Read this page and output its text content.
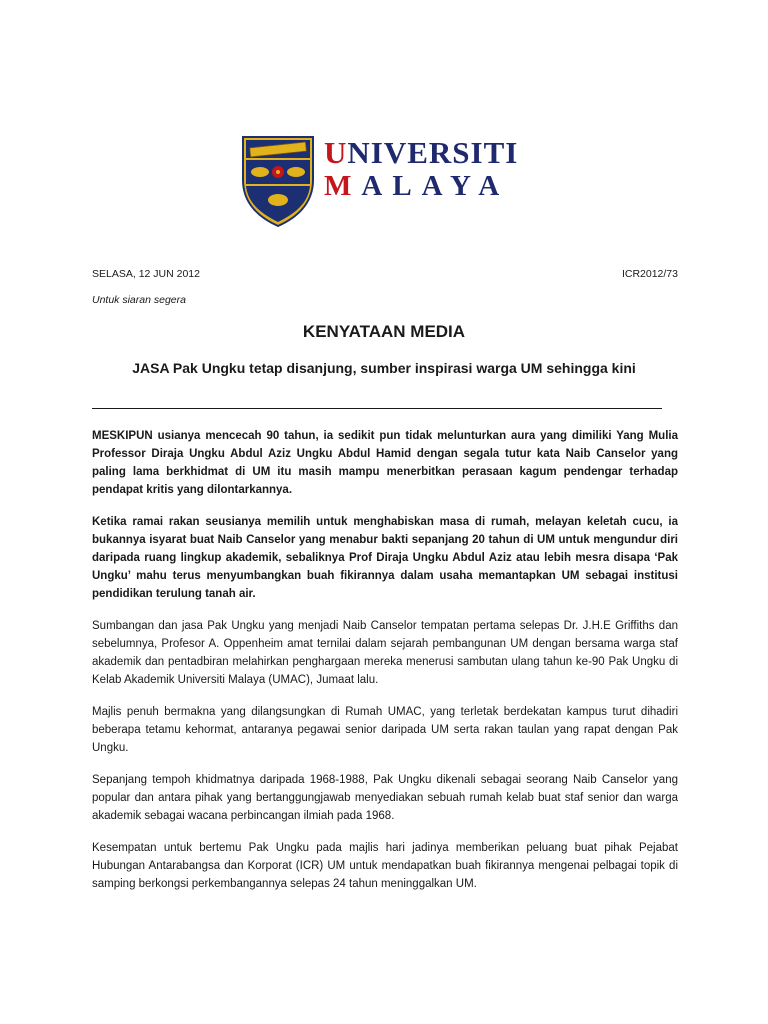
UNIVERSITI
MALAYA
SELASA, 12 JUN 2012	ICR2012/73
Untuk siaran segera
KENYATAAN MEDIA
JASA Pak Ungku tetap disanjung, sumber inspirasi warga UM sehingga kini

MESKIPUN usianya mencecah 90 tahun, ia sedikit pun tidak melunturkan aura yang dimiliki Yang Mulia Professor Diraja Ungku Abdul Aziz Ungku Abdul Hamid dengan segala tutur kata Naib Canselor yang paling lama berkhidmat di UM itu masih mampu menerbitkan perasaan kagum pendengar terhadap pendapat kritis yang dilontarkannya.

Ketika ramai rakan seusianya memilih untuk menghabiskan masa di rumah, melayan keletah cucu, ia bukannya isyarat buat Naib Canselor yang menabur bakti sepanjang 20 tahun di UM untuk mengundur diri daripada ruang lingkup akademik, sebaliknya Prof Diraja Ungku Abdul Aziz atau lebih mesra disapa ‘Pak Ungku’ mahu terus menyumbangkan buah fikirannya dalam usaha memantapkan UM sebagai institusi pendidikan terulung tanah air.

Sumbangan dan jasa Pak Ungku yang menjadi Naib Canselor tempatan pertama selepas Dr. J.H.E Griffiths dan sebelumnya, Profesor A. Oppenheim amat ternilai dalam sejarah pembangunan UM dengan bersama warga staf akademik dan pentadbiran melahirkan penghargaan mereka menerusi sambutan ulang tahun ke-90 Pak Ungku di Kelab Akademik Universiti Malaya (UMAC), Jumaat lalu.

Majlis penuh bermakna yang dilangsungkan di Rumah UMAC, yang terletak berdekatan kampus turut dihadiri beberapa tetamu kehormat, antaranya pegawai senior daripada UM serta rakan taulan yang rapat dengan Pak Ungku.

Sepanjang tempoh khidmatnya daripada 1968-1988, Pak Ungku dikenali sebagai seorang Naib Canselor yang popular dan antara pihak yang bertanggungjawab menyediakan sebuah rumah kelab buat staf senior dan warga akademik sebagai wacana perbincangan ilmiah pada 1968.

Kesempatan untuk bertemu Pak Ungku pada majlis hari jadinya memberikan peluang buat pihak Pejabat Hubungan Antarabangsa dan Korporat (ICR) UM untuk mendapatkan buah fikirannya mengenai pelbagai topik di samping berkongsi perkembangannya selepas 24 tahun meninggalkan UM.
